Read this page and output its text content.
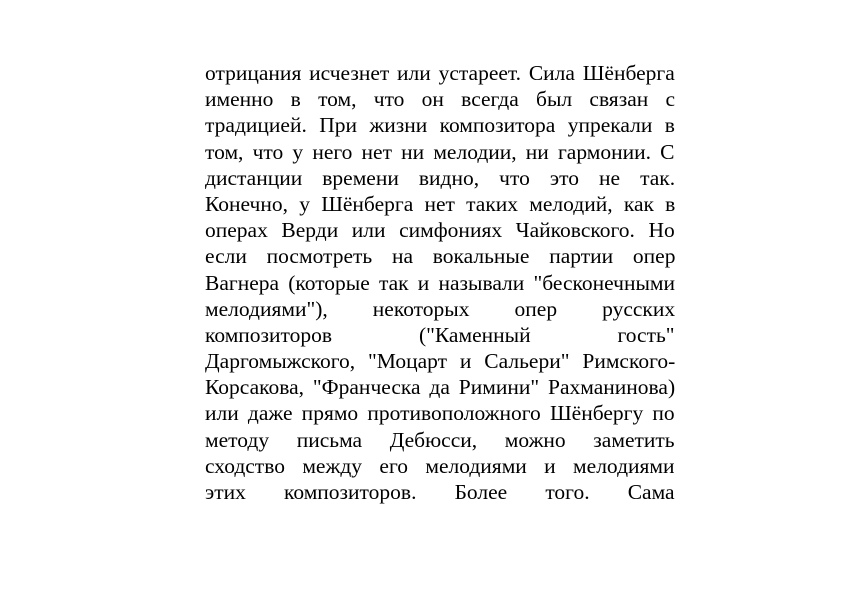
отрицания исчезнет или устареет. Сила Шёнберга
именно в том, что он всегда был связан с
традицией. При жизни композитора упрекали в
том, что у него нет ни мелодии, ни гармонии. С
дистанции времени видно, что это не так.
Конечно, у Шёнберга нет таких мелодий, как в
операх Верди или симфониях Чайковского. Но
если посмотреть на вокальные партии опер
Вагнера (которые так и называли "бесконечными
мелодиями"), некоторых опер русских
композиторов ("Каменный гость"
Даргомыжского, "Моцарт и Сальери" Римского-
Корсакова, "Франческа да Римини" Рахманинова)
или даже прямо противоположного Шёнбергу по
методу письма Дебюсси, можно заметить
сходство между его мелодиями и мелодиями
этих композиторов. Более того. Сама
